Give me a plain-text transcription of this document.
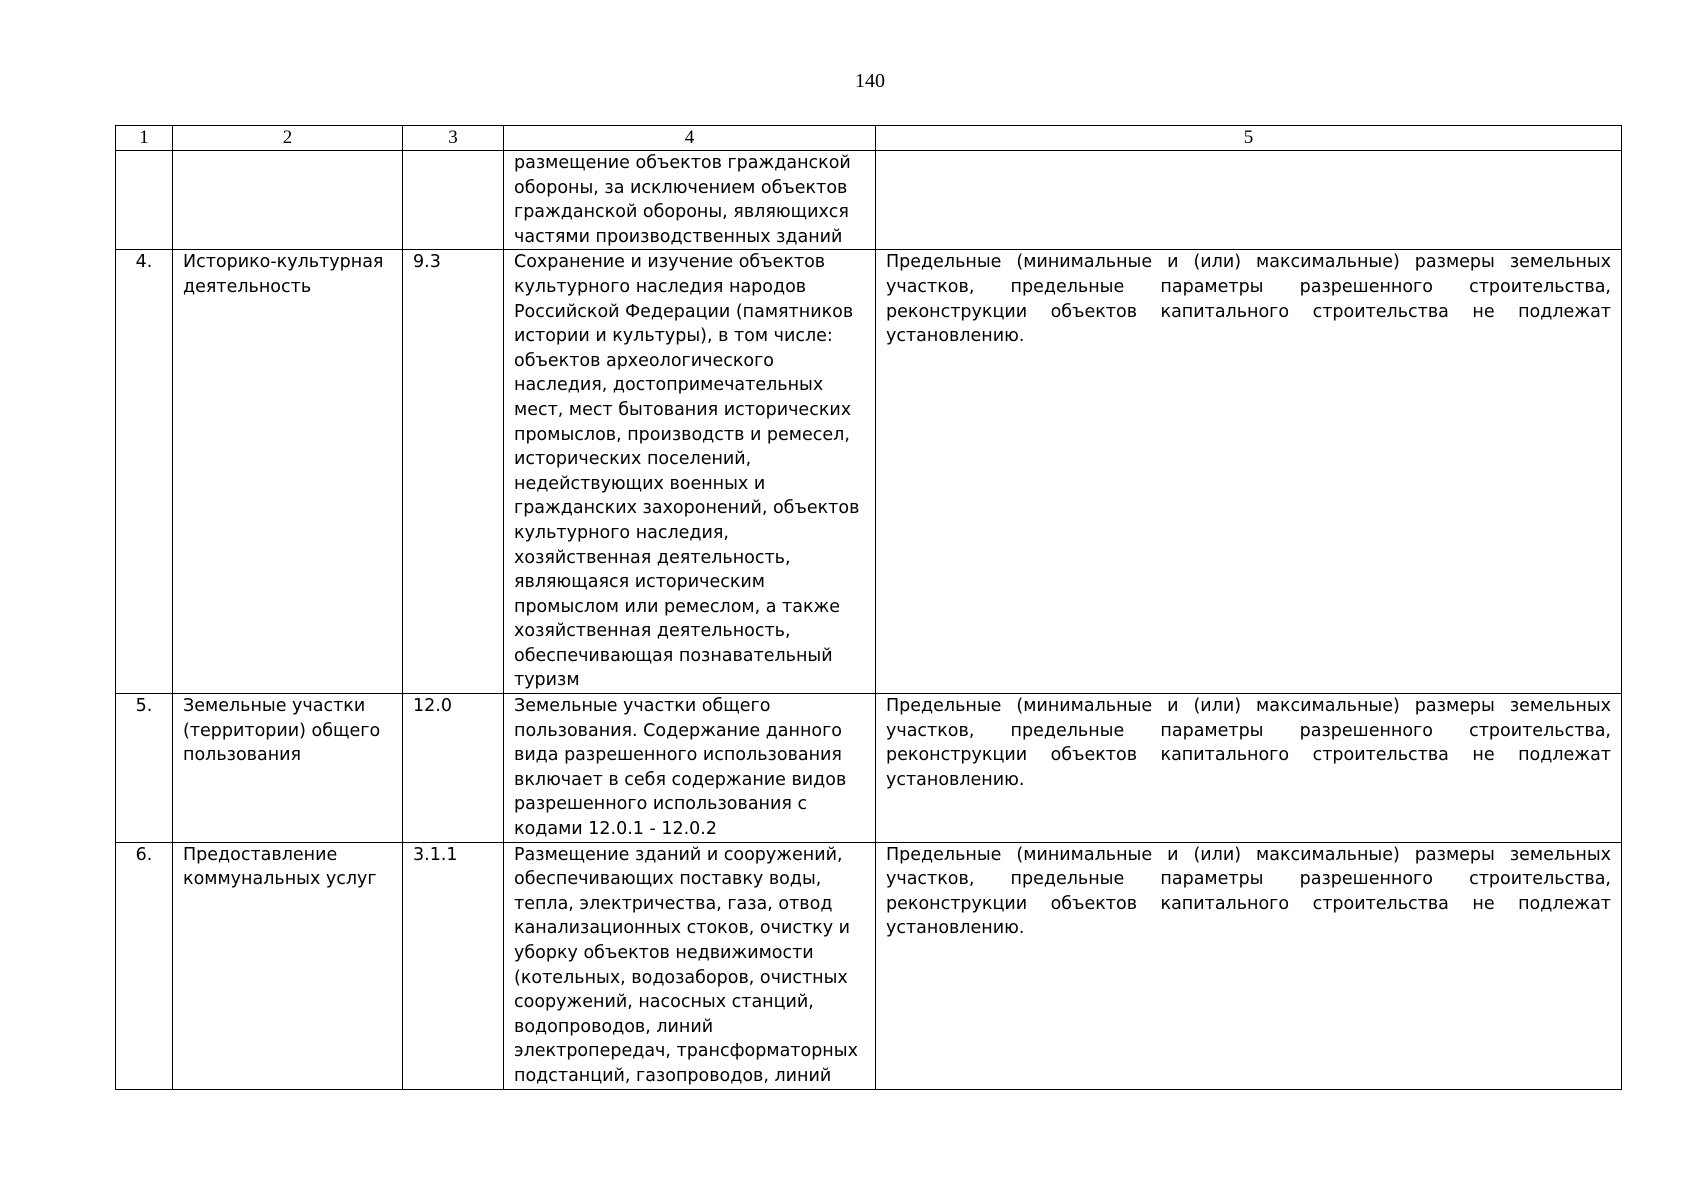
140
1	2	3	4	5
			размещение объектов гражданской обороны, за исключением объектов гражданской обороны, являющихся частями производственных зданий	
4.	Историко-культурная деятельность	9.3	Сохранение и изучение объектов культурного наследия народов Российской Федерации (памятников истории и культуры), в том числе: объектов археологического наследия, достопримечательных мест, мест бытования исторических промыслов, производств и ремесел, исторических поселений, недействующих военных и гражданских захоронений, объектов культурного наследия, хозяйственная деятельность, являющаяся историческим промыслом или ремеслом, а также хозяйственная деятельность, обеспечивающая познавательный туризм	Предельные (минимальные и (или) максимальные) размеры земельных участков, предельные параметры разрешенного строительства, реконструкции объектов капитального строительства не подлежат установлению.
5.	Земельные участки (территории) общего пользования	12.0	Земельные участки общего пользования. Содержание данного вида разрешенного использования включает в себя содержание видов разрешенного использования с кодами 12.0.1 - 12.0.2	Предельные (минимальные и (или) максимальные) размеры земельных участков, предельные параметры разрешенного строительства, реконструкции объектов капитального строительства не подлежат установлению.
6.	Предоставление коммунальных услуг	3.1.1	Размещение зданий и сооружений, обеспечивающих поставку воды, тепла, электричества, газа, отвод канализационных стоков, очистку и уборку объектов недвижимости (котельных, водозаборов, очистных сооружений, насосных станций, водопроводов, линий электропередач, трансформаторных подстанций, газопроводов, линий	Предельные (минимальные и (или) максимальные) размеры земельных участков, предельные параметры разрешенного строительства, реконструкции объектов капитального строительства не подлежат установлению.
